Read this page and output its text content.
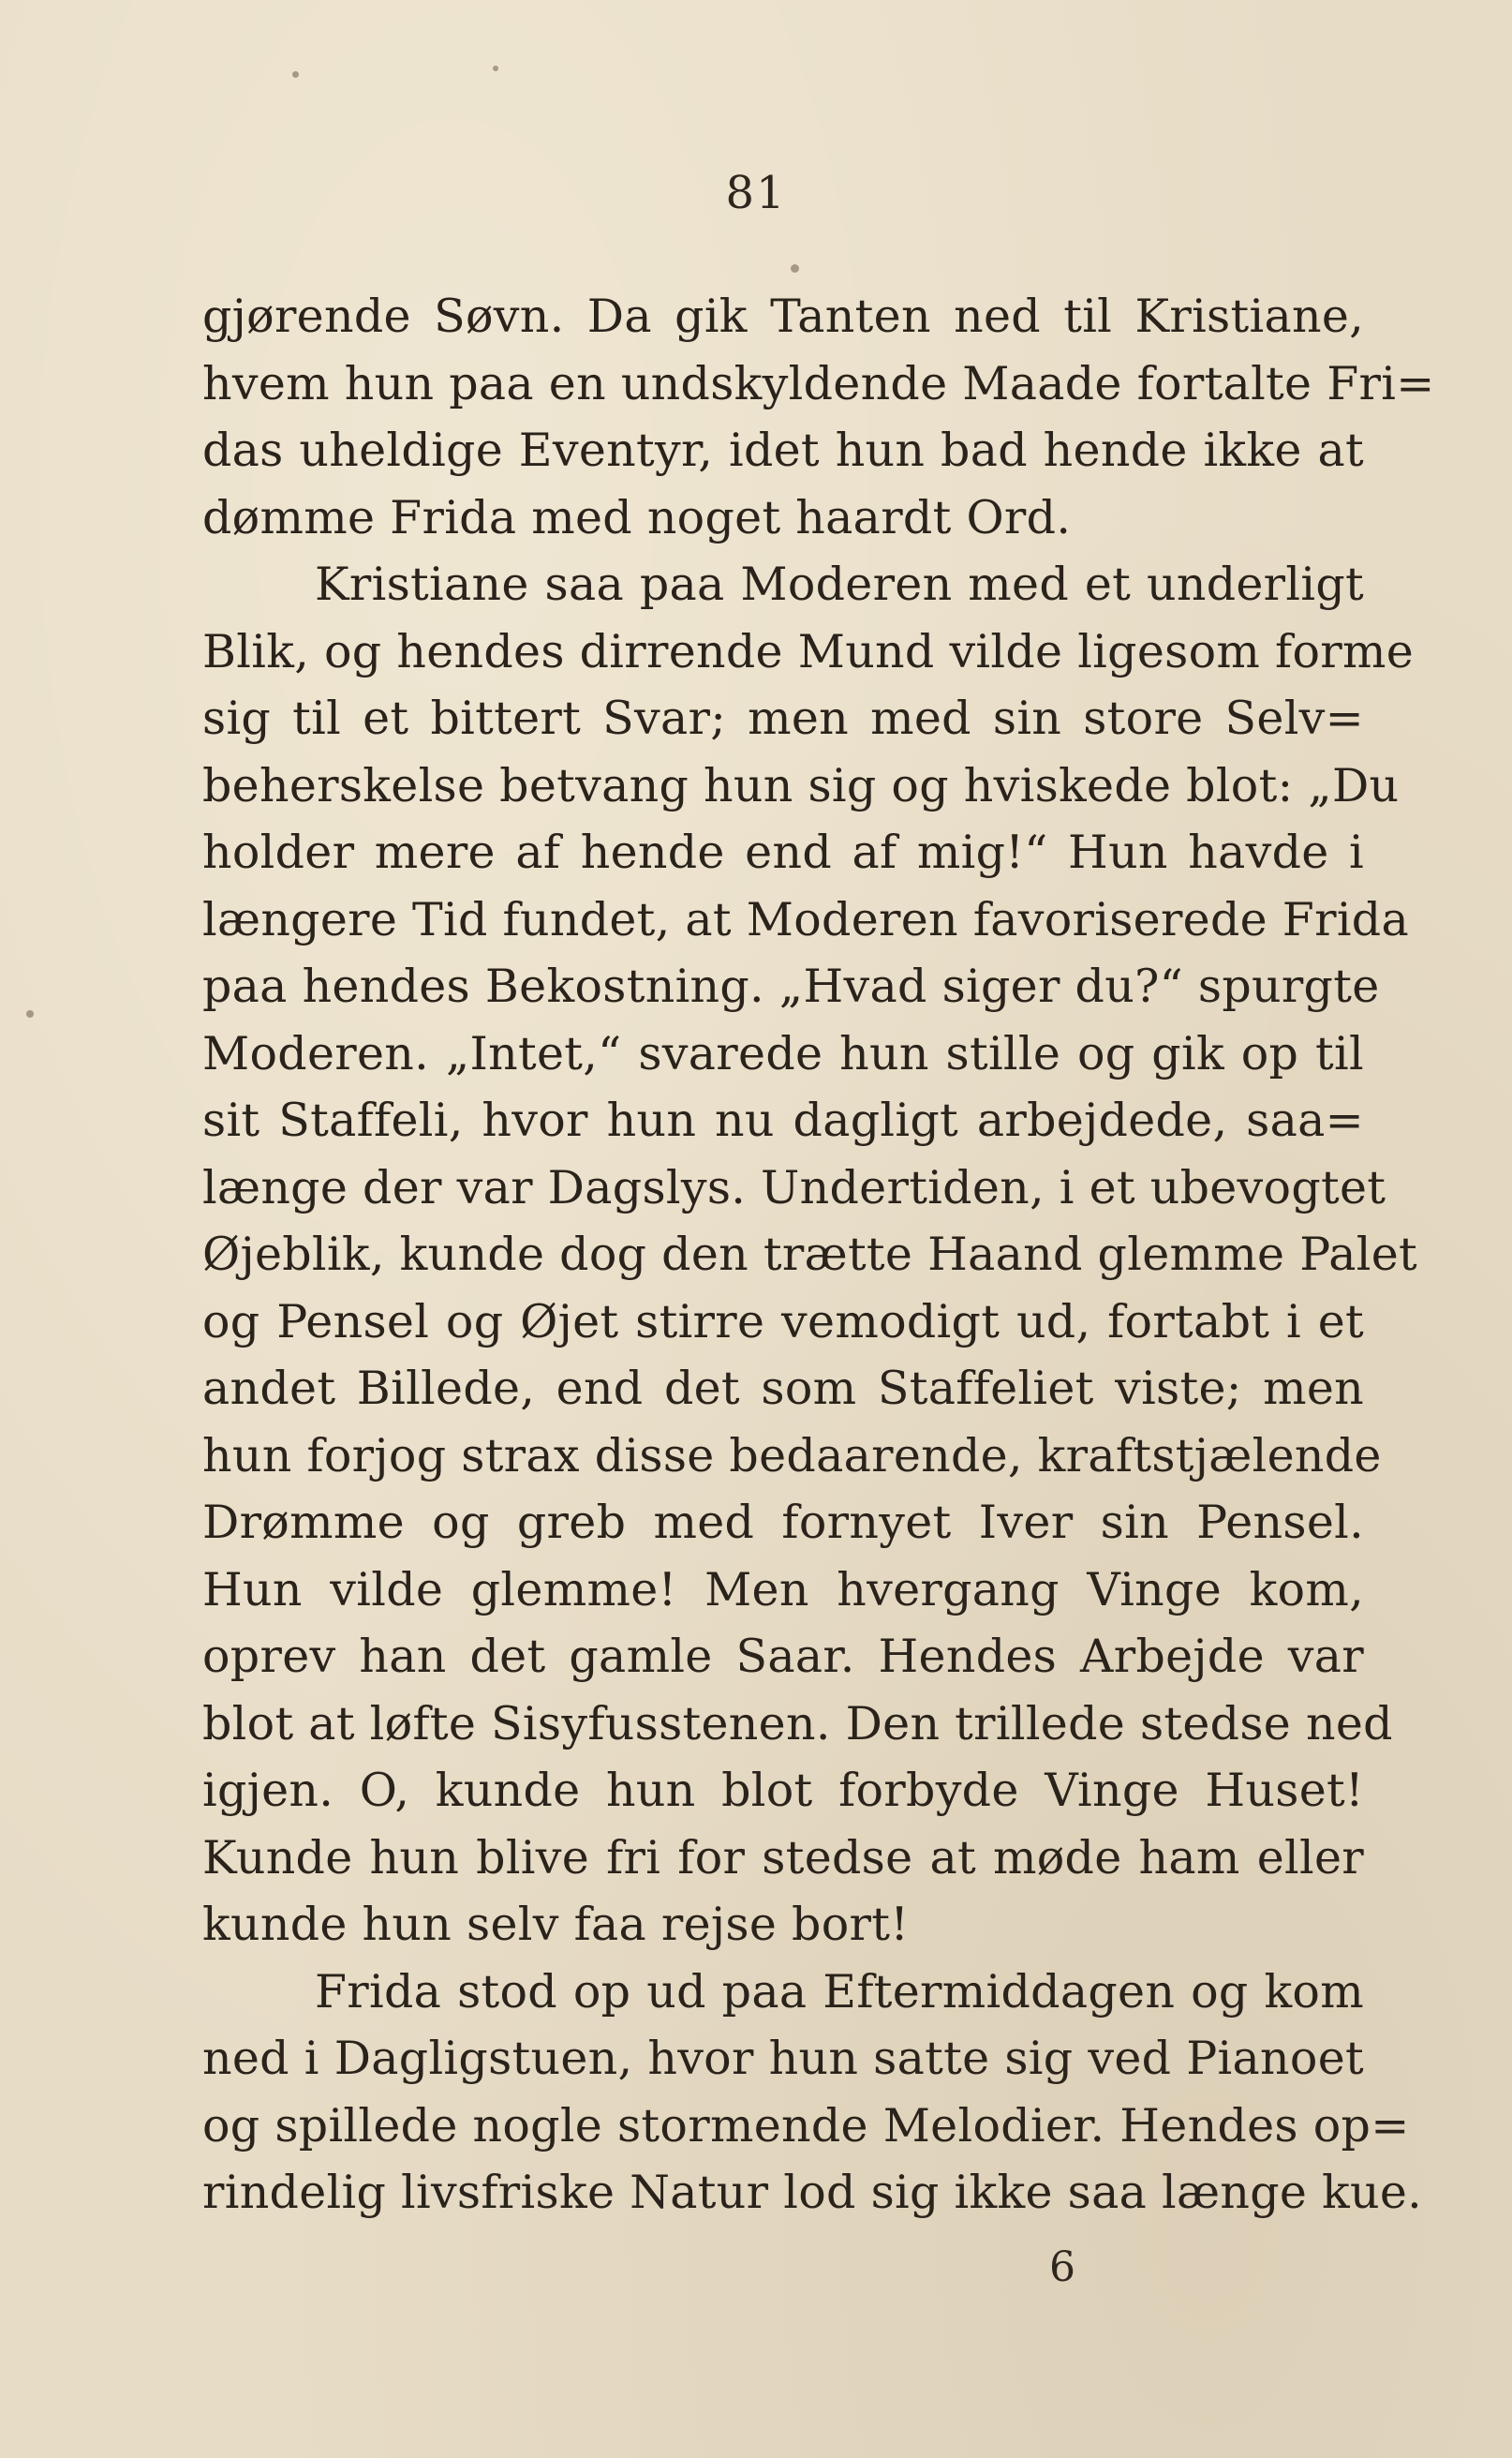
81
gjørende Søvn. Da gik Tanten ned til Kristiane,
hvem hun paa en undskyldende Maade fortalte Fri=
das uheldige Eventyr, idet hun bad hende ikke at
dømme Frida med noget haardt Ord.
Kristiane saa paa Moderen med et underligt
Blik, og hendes dirrende Mund vilde ligesom forme
sig til et bittert Svar; men med sin store Selv=
beherskelse betvang hun sig og hviskede blot: „Du
holder mere af hende end af mig!“ Hun havde i
længere Tid fundet, at Moderen favoriserede Frida
paa hendes Bekostning. „Hvad siger du?“ spurgte
Moderen. „Intet,“ svarede hun stille og gik op til
sit Staffeli, hvor hun nu dagligt arbejdede, saa=
længe der var Dagslys. Undertiden, i et ubevogtet
Øjeblik, kunde dog den trætte Haand glemme Palet
og Pensel og Øjet stirre vemodigt ud, fortabt i et
andet Billede, end det som Staffeliet viste; men
hun forjog strax disse bedaarende, kraftstjælende
Drømme og greb med fornyet Iver sin Pensel.
Hun vilde glemme! Men hvergang Vinge kom,
oprev han det gamle Saar. Hendes Arbejde var
blot at løfte Sisyfusstenen. Den trillede stedse ned
igjen. O, kunde hun blot forbyde Vinge Huset!
Kunde hun blive fri for stedse at møde ham eller
kunde hun selv faa rejse bort!
Frida stod op ud paa Eftermiddagen og kom
ned i Dagligstuen, hvor hun satte sig ved Pianoet
og spillede nogle stormende Melodier. Hendes op=
rindelig livsfriske Natur lod sig ikke saa længe kue.
6
